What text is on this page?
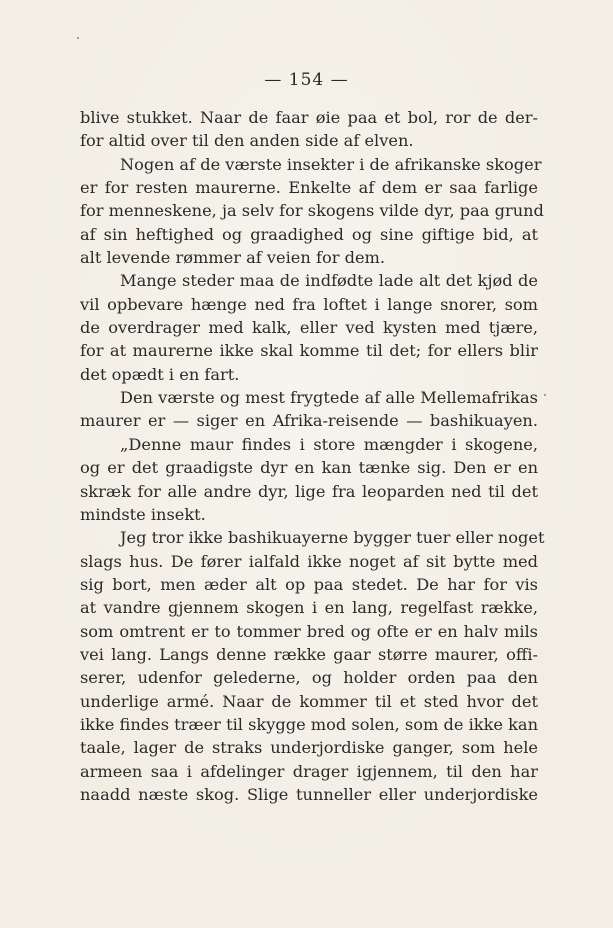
— 154 —
blive stukket. Naar de faar øie paa et bol, ror de der-
for altid over til den anden side af elven.
Nogen af de værste insekter i de afrikanske skoger
er for resten maurerne. Enkelte af dem er saa farlige
for menneskene, ja selv for skogens vilde dyr, paa grund
af sin heftighed og graadighed og sine giftige bid, at
alt levende rømmer af veien for dem.
Mange steder maa de indfødte lade alt det kjød de
vil opbevare hænge ned fra loftet i lange snorer, som
de overdrager med kalk, eller ved kysten med tjære,
for at maurerne ikke skal komme til det; for ellers blir
det opædt i en fart.
Den værste og mest frygtede af alle Mellemafrikas
maurer er — siger en Afrika-reisende — bashikuayen.
„Denne maur findes i store mængder i skogene,
og er det graadigste dyr en kan tænke sig. Den er en
skræk for alle andre dyr, lige fra leoparden ned til det
mindste insekt.
Jeg tror ikke bashikuayerne bygger tuer eller noget
slags hus. De fører ialfald ikke noget af sit bytte med
sig bort, men æder alt op paa stedet. De har for vis
at vandre gjennem skogen i en lang, regelfast række,
som omtrent er to tommer bred og ofte er en halv mils
vei lang. Langs denne række gaar større maurer, offi-
serer, udenfor gelederne, og holder orden paa den
underlige armé. Naar de kommer til et sted hvor det
ikke findes træer til skygge mod solen, som de ikke kan
taale, lager de straks underjordiske ganger, som hele
armeen saa i afdelinger drager igjennem, til den har
naadd næste skog. Slige tunneller eller underjordiske
